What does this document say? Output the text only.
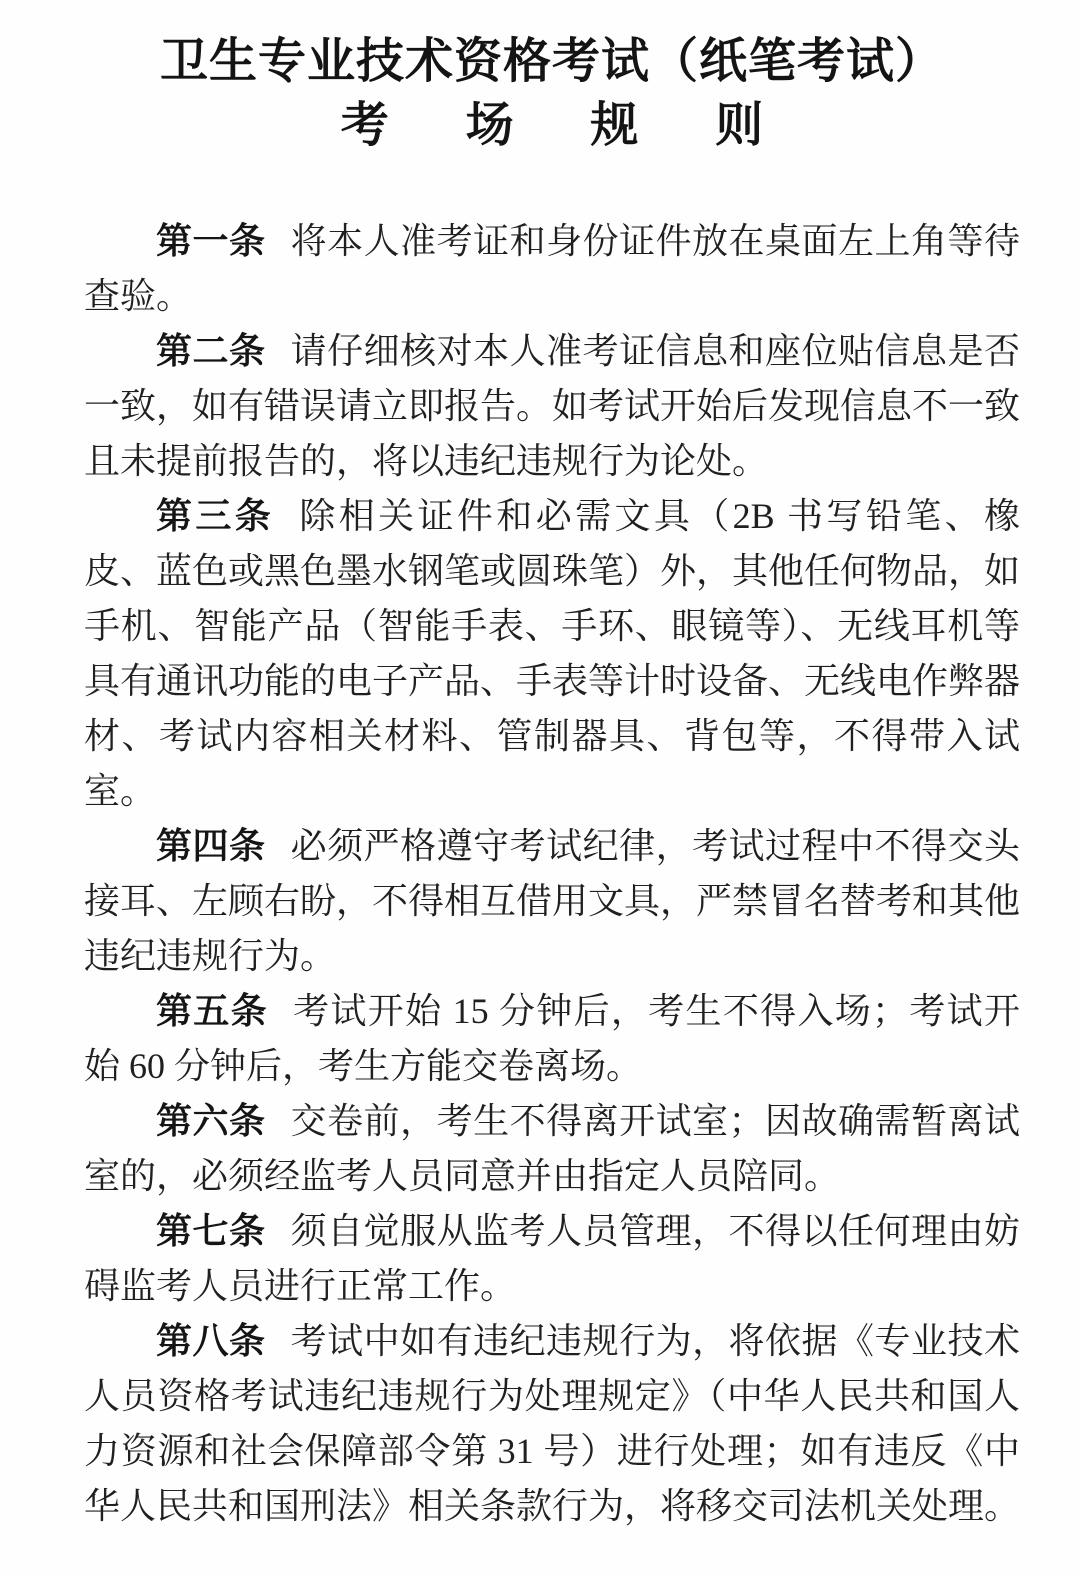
卫生专业技术资格考试（纸笔考试）
考　场　规　则

第一条 将本人准考证和身份证件放在桌面左上角等待查验。

第二条 请仔细核对本人准考证信息和座位贴信息是否一致，如有错误请立即报告。如考试开始后发现信息不一致且未提前报告的，将以违纪违规行为论处。

第三条 除相关证件和必需文具（2B 书写铅笔、橡皮、蓝色或黑色墨水钢笔或圆珠笔）外，其他任何物品，如手机、智能产品（智能手表、手环、眼镜等）、无线耳机等具有通讯功能的电子产品、手表等计时设备、无线电作弊器材、考试内容相关材料、管制器具、背包等，不得带入试室。

第四条 必须严格遵守考试纪律，考试过程中不得交头接耳、左顾右盼，不得相互借用文具，严禁冒名替考和其他违纪违规行为。

第五条 考试开始 15 分钟后，考生不得入场；考试开始 60 分钟后，考生方能交卷离场。

第六条 交卷前，考生不得离开试室；因故确需暂离试室的，必须经监考人员同意并由指定人员陪同。

第七条 须自觉服从监考人员管理，不得以任何理由妨碍监考人员进行正常工作。

第八条 考试中如有违纪违规行为，将依据《专业技术人员资格考试违纪违规行为处理规定》（中华人民共和国人力资源和社会保障部令第 31 号）进行处理；如有违反《中华人民共和国刑法》相关条款行为，将移交司法机关处理。
